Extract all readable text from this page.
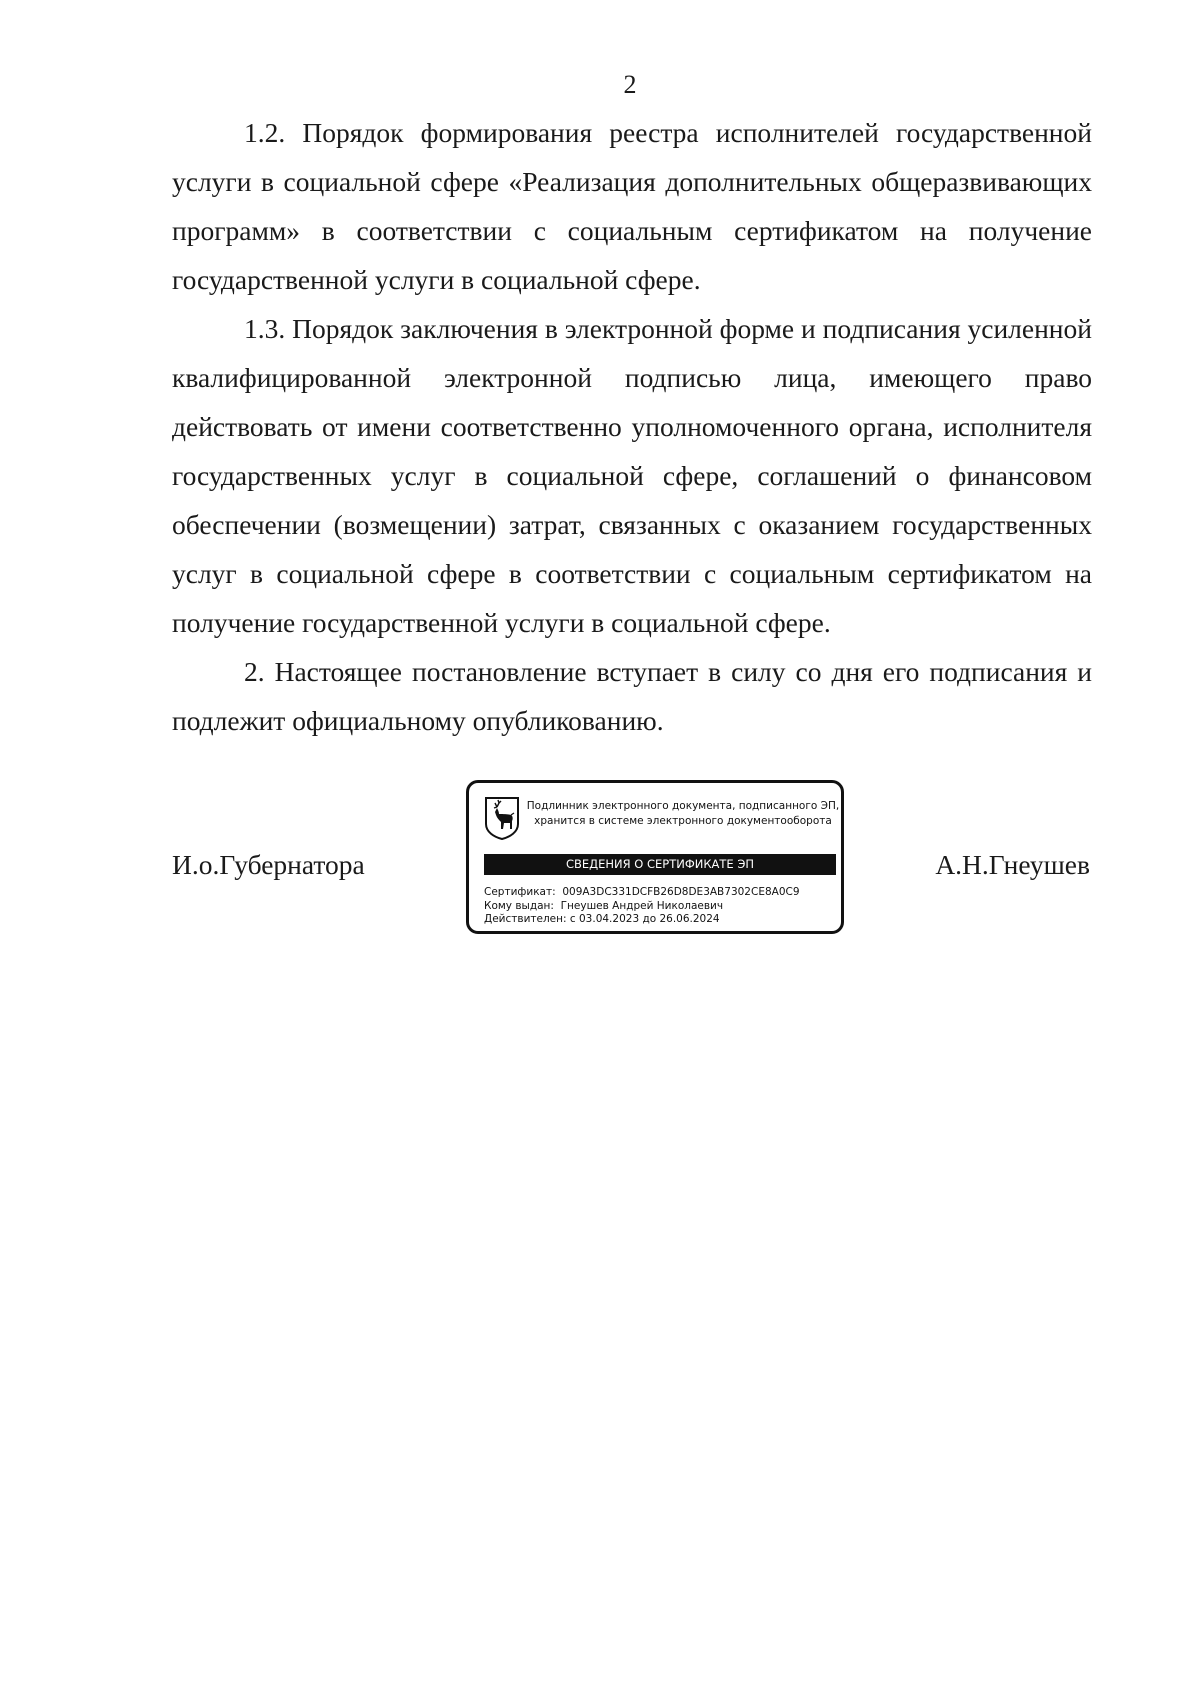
2

1.2. Порядок формирования реестра исполнителей государственной услуги в социальной сфере «Реализация дополнительных общеразвивающих программ» в соответствии с социальным сертификатом на получение государственной услуги в социальной сфере.

1.3. Порядок заключения в электронной форме и подписания усиленной квалифицированной электронной подписью лица, имеющего право действовать от имени соответственно уполномоченного органа, исполнителя государственных услуг в социальной сфере, соглашений о финансовом обеспечении (возмещении) затрат, связанных с оказанием государственных услуг в социальной сфере в соответствии с социальным сертификатом на получение государственной услуги в социальной сфере.

2. Настоящее постановление вступает в силу со дня его подписания и подлежит официальному опубликованию.

И.о.Губернатора
Подлинник электронного документа, подписанного ЭП,
хранится в системе электронного документооборота
СВЕДЕНИЯ О СЕРТИФИКАТЕ ЭП
Сертификат: 009A3DC331DCFB26D8DE3AB7302CE8A0C9
Кому выдан: Гнеушев Андрей Николаевич
Действителен: с 03.04.2023 до 26.06.2024
А.Н.Гнеушев
